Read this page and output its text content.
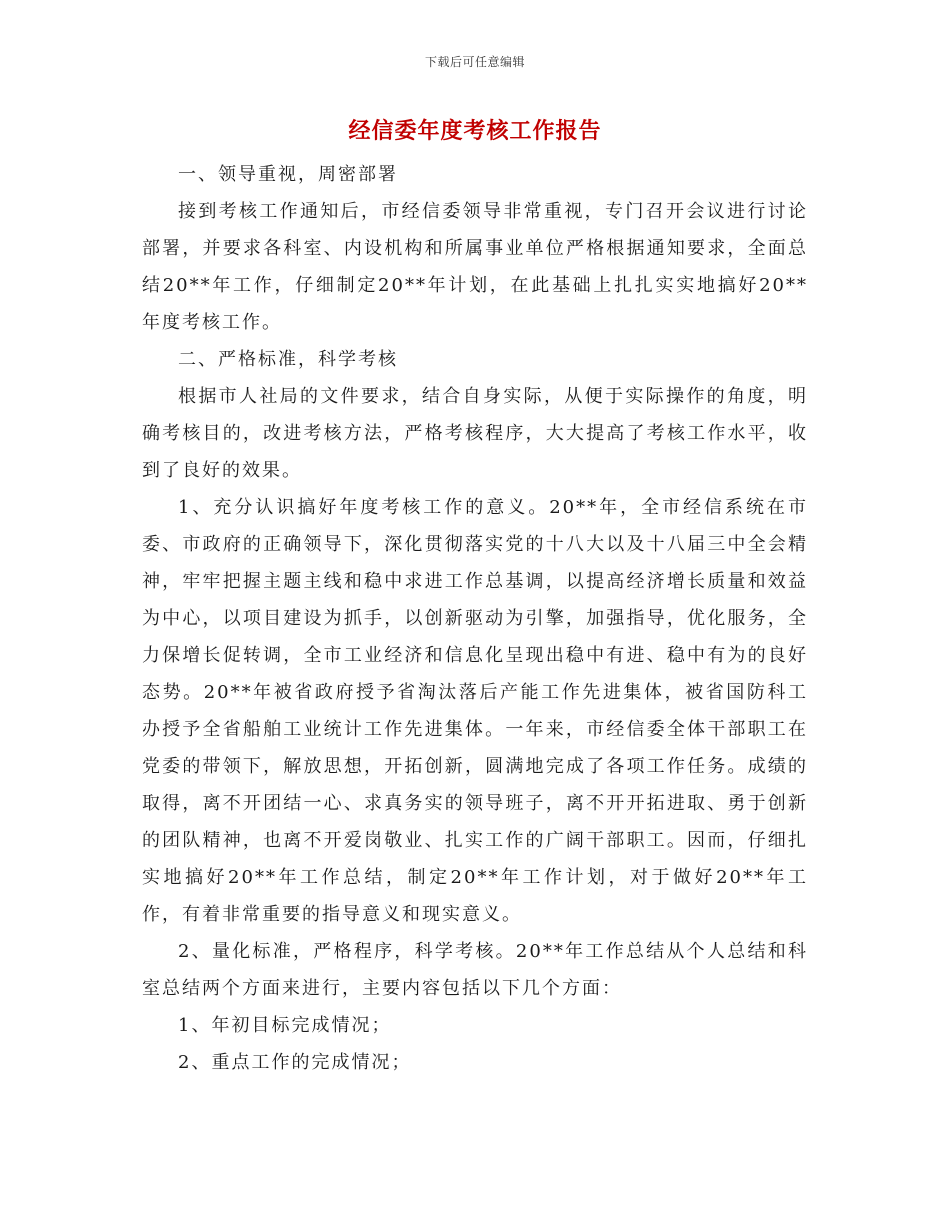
下载后可任意编辑
经信委年度考核工作报告

一、领导重视，周密部署

接到考核工作通知后，市经信委领导非常重视，专门召开会议进行讨论部署，并要求各科室、内设机构和所属事业单位严格根据通知要求，全面总结20**年工作，仔细制定20**年计划，在此基础上扎扎实实地搞好20**年度考核工作。

二、严格标准，科学考核

根据市人社局的文件要求，结合自身实际，从便于实际操作的角度，明确考核目的，改进考核方法，严格考核程序，大大提高了考核工作水平，收到了良好的效果。

1、充分认识搞好年度考核工作的意义。20**年，全市经信系统在市委、市政府的正确领导下，深化贯彻落实党的十八大以及十八届三中全会精神，牢牢把握主题主线和稳中求进工作总基调，以提高经济增长质量和效益为中心，以项目建设为抓手，以创新驱动为引擎，加强指导，优化服务，全力保增长促转调，全市工业经济和信息化呈现出稳中有进、稳中有为的良好态势。20**年被省政府授予省淘汰落后产能工作先进集体，被省国防科工办授予全省船舶工业统计工作先进集体。一年来，市经信委全体干部职工在党委的带领下，解放思想，开拓创新，圆满地完成了各项工作任务。成绩的取得，离不开团结一心、求真务实的领导班子，离不开开拓进取、勇于创新的团队精神，也离不开爱岗敬业、扎实工作的广阔干部职工。因而，仔细扎实地搞好20**年工作总结，制定20**年工作计划，对于做好20**年工作，有着非常重要的指导意义和现实意义。

2、量化标准，严格程序，科学考核。20**年工作总结从个人总结和科室总结两个方面来进行，主要内容包括以下几个方面：

1、年初目标完成情况；

2、重点工作的完成情况；
